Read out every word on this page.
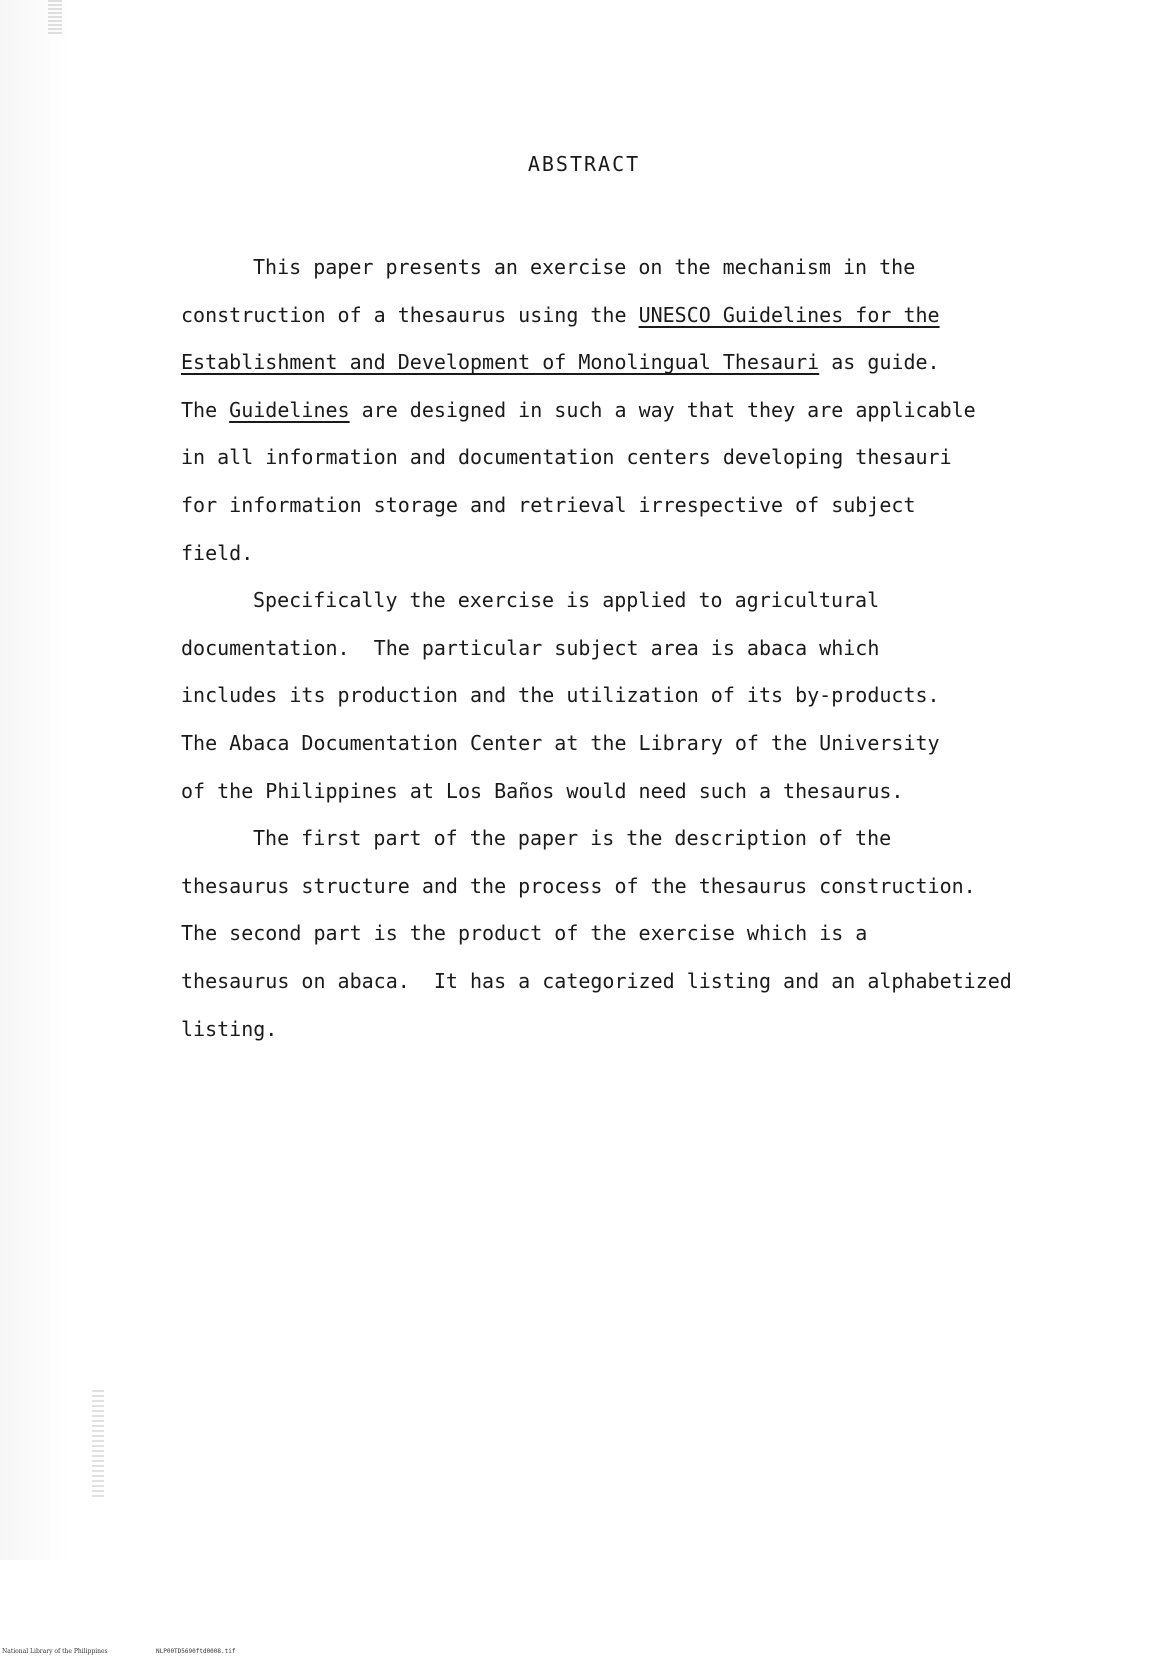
ABSTRACT
This paper presents an exercise on the mechanism in the
construction of a thesaurus using the UNESCO Guidelines for the
Establishment and Development of Monolingual Thesauri as guide.
The Guidelines are designed in such a way that they are applicable
in all information and documentation centers developing thesauri
for information storage and retrieval irrespective of subject
field.
Specifically the exercise is applied to agricultural
documentation.  The particular subject area is abaca which
includes its production and the utilization of its by-products.
The Abaca Documentation Center at the Library of the University
of the Philippines at Los Baños would need such a thesaurus.
The first part of the paper is the description of the
thesaurus structure and the process of the thesaurus construction.
The second part is the product of the exercise which is a
thesaurus on abaca.  It has a categorized listing and an alphabetized
listing.
National Library of the Philippines	NLP00TD5690ftd0008.tif
